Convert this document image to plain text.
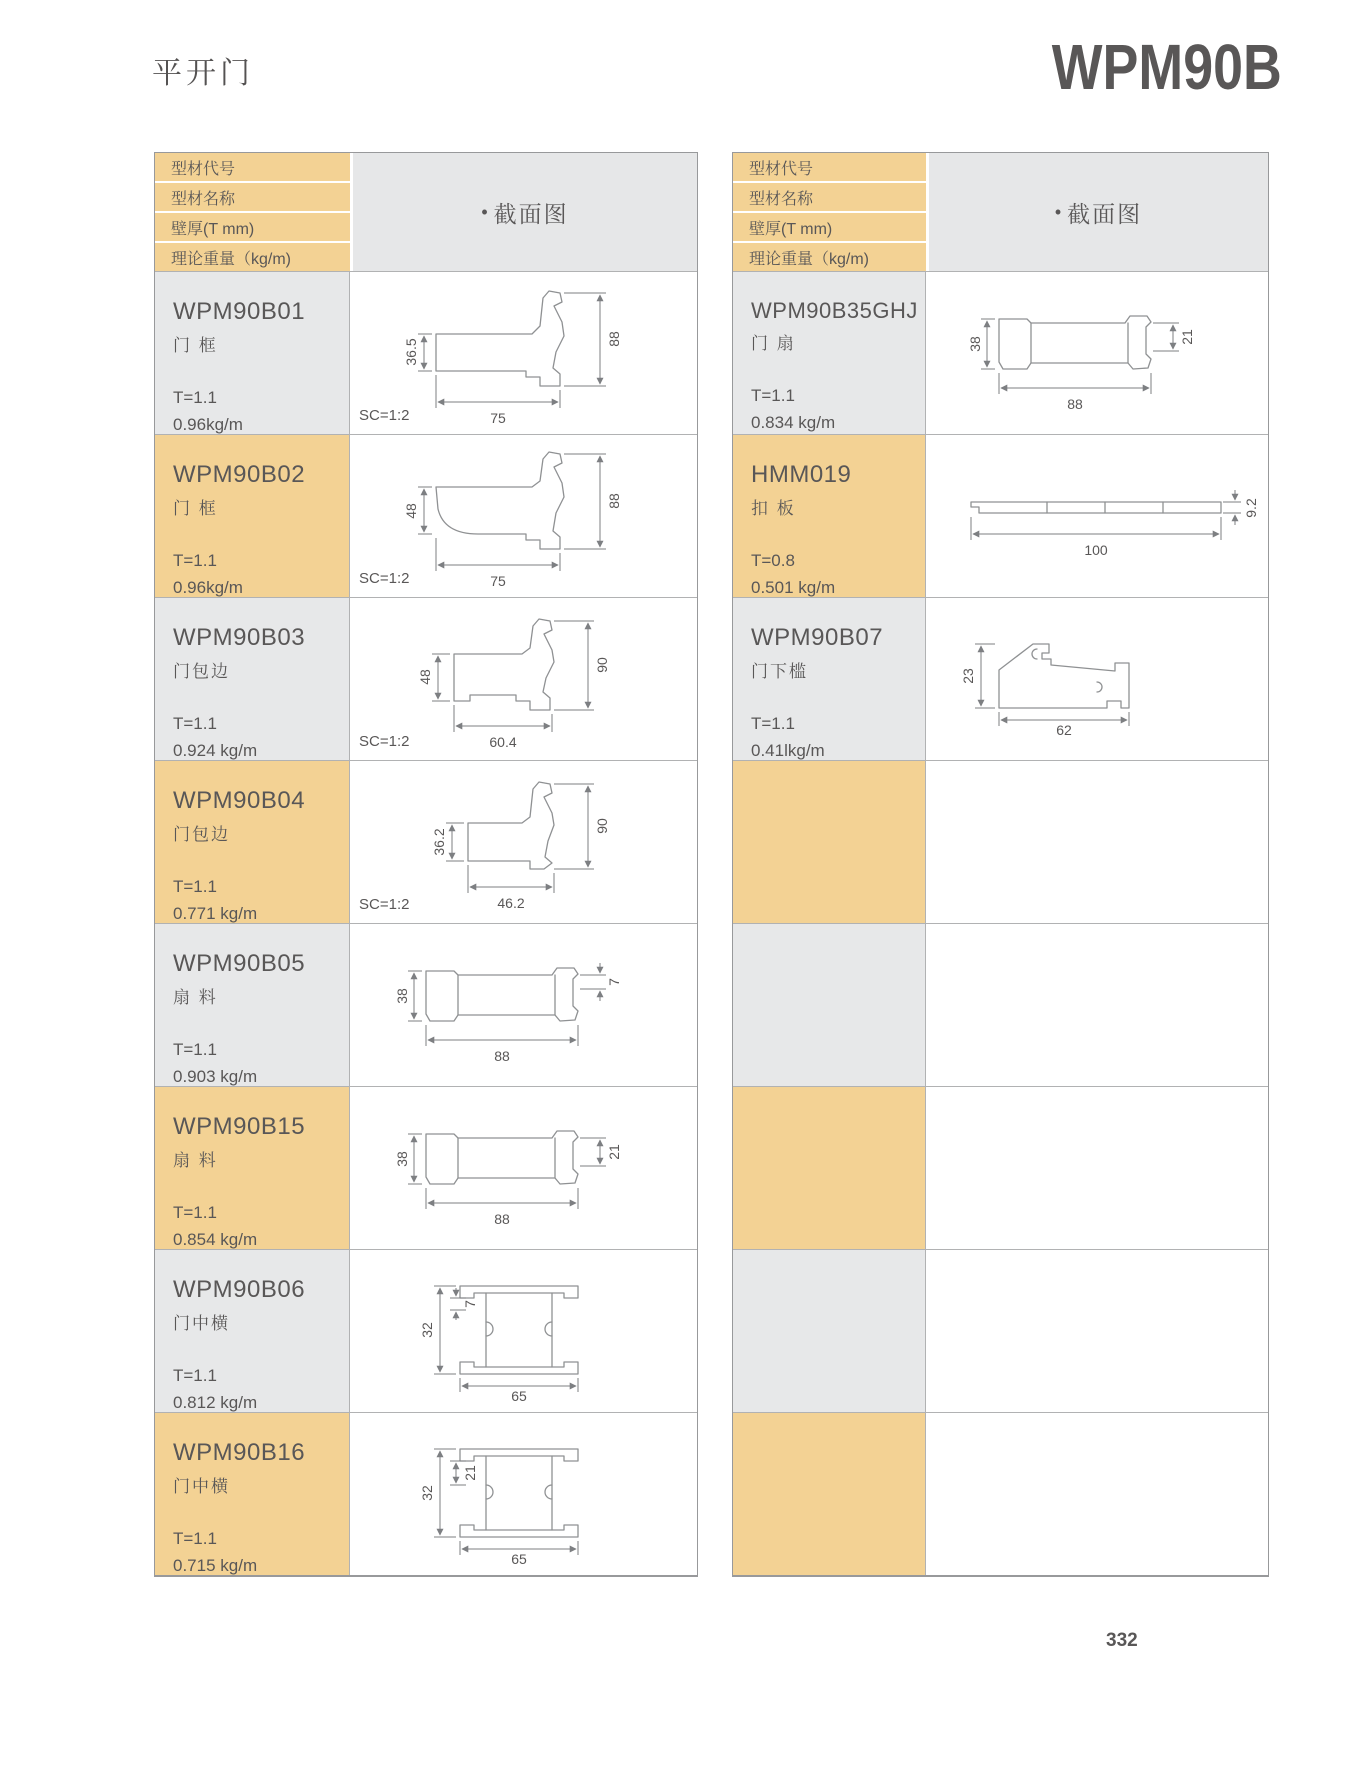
平开门	WPM90B
型材代号
型材名称
壁厚(T mm)
理论重量（kg/m)
• 截面图
WPM90B01
门 框
T=1.1
0.96kg/m
36.5	88
75
SC=1:2
WPM90B02
门 框
T=1.1
0.96kg/m
48
88
75
SC=1:2
WPM90B03
门包边
T=1.1
0.924 kg/m
48
90
60.4
SC=1:2
WPM90B04
门包边
T=1.1
0.771 kg/m
36.2
90
46.2
SC=1:2
WPM90B05
扇 料
T=1.1
0.903 kg/m
38
7
88
WPM90B15
扇 料
T=1.1
0.854 kg/m
38	21
88
WPM90B06
门中横
T=1.1
0.812 kg/m
32
7
65
WPM90B16
门中横
T=1.1
0.715 kg/m
32
21
65
型材代号
型材名称
壁厚(T mm)
理论重量（kg/m)
• 截面图
WPM90B35GHJ
门 扇
T=1.1
0.834 kg/m
38	21
88
HMM019
扣 板
T=0.8
0.501 kg/m
9.2
100
WPM90B07
门下槛
T=1.1
0.41lkg/m
23
62
332
